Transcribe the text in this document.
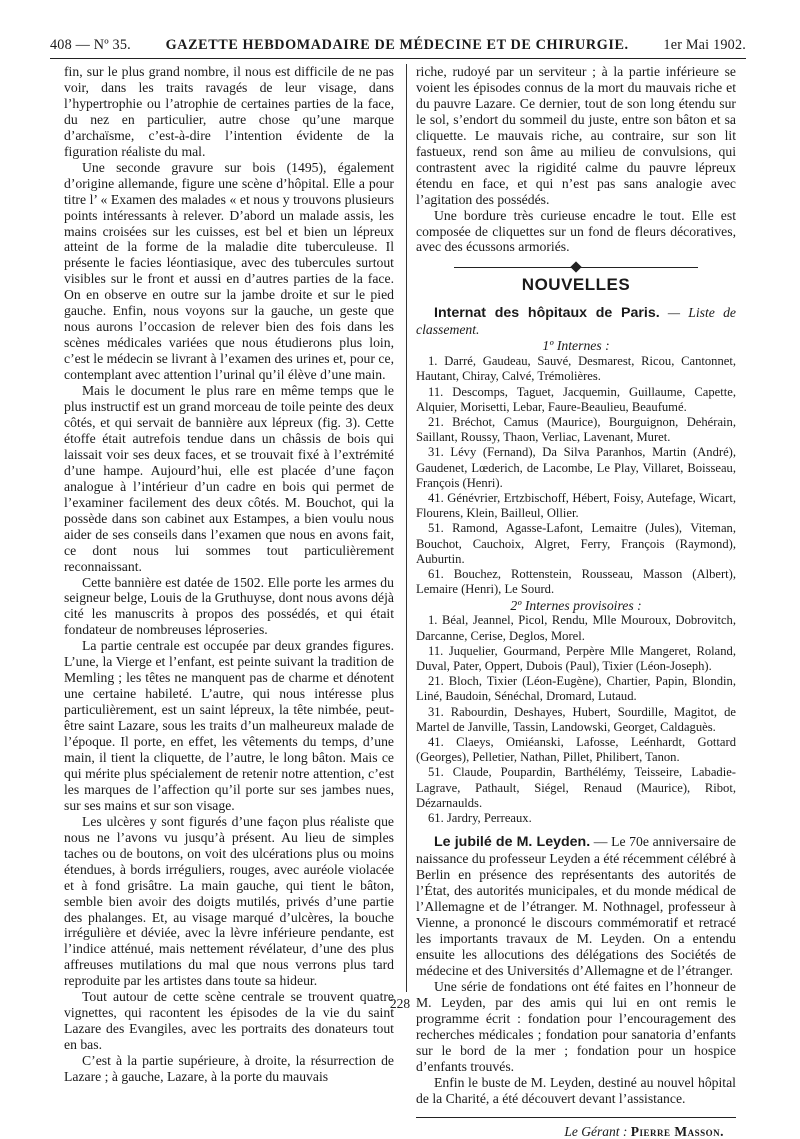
408 — Nº 35. GAZETTE HEBDOMADAIRE DE MÉDECINE ET DE CHIRURGIE. 1er Mai 1902.

fin, sur le plus grand nombre, il nous est difficile de ne pas voir, dans les traits ravagés de leur visage, dans l’hypertrophie ou l’atrophie de certaines parties de la face, du nez en particulier, autre chose qu’une marque d’archaïsme, c’est-à-dire l’intention évidente de la figuration réaliste du mal.

Une seconde gravure sur bois (1495), également d’origine allemande, figure une scène d’hôpital. Elle a pour titre l’ « Examen des malades « et nous y trouvons plusieurs points intéressants à relever. D’abord un malade assis, les mains croisées sur les cuisses, est bel et bien un lépreux atteint de la forme de la maladie dite tuberculeuse. Il présente le facies léontiasique, avec des tubercules surtout visibles sur le front et aussi en d’autres parties de la face. On en observe en outre sur la jambe droite et sur le pied gauche. Enfin, nous voyons sur la gauche, un geste que nous aurons l’occasion de relever bien des fois dans les scènes médicales variées que nous étudierons plus loin, c’est le médecin se livrant à l’examen des urines et, pour ce, contemplant avec attention l’urinal qu’il élève d’une main.

Mais le document le plus rare en même temps que le plus instructif est un grand morceau de toile peinte des deux côtés, et qui servait de bannière aux lépreux (fig. 3). Cette étoffe était autrefois tendue dans un châssis de bois qui laissait voir ses deux faces, et se trouvait fixé à l’extrémité d’une hampe. Aujourd’hui, elle est placée d’une façon analogue à l’intérieur d’un cadre en bois qui permet de l’examiner facilement des deux côtés. M. Bouchot, qui la possède dans son cabinet aux Estampes, a bien voulu nous aider de ses conseils dans l’examen que nous en avons fait, ce dont nous lui sommes tout particulièrement reconnaissant.

Cette bannière est datée de 1502. Elle porte les armes du seigneur belge, Louis de la Gruthuyse, dont nous avons déjà cité les manuscrits à propos des possédés, et qui était fondateur de nombreuses léproseries.

La partie centrale est occupée par deux grandes figures. L’une, la Vierge et l’enfant, est peinte suivant la tradition de Memling ; les têtes ne manquent pas de charme et dénotent une certaine habileté. L’autre, qui nous intéresse plus particulièrement, est un saint lépreux, la tête nimbée, peut-être saint Lazare, sous les traits d’un malheureux malade de l’époque. Il porte, en effet, les vêtements du temps, d’une main, il tient la cliquette, de l’autre, le long bâton. Mais ce qui mérite plus spécialement de retenir notre attention, c’est les marques de l’affection qu’il porte sur ses jambes nues, sur ses mains et sur son visage.

Les ulcères y sont figurés d’une façon plus réaliste que nous ne l’avons vu jusqu’à présent. Au lieu de simples taches ou de boutons, on voit des ulcérations plus ou moins étendues, à bords irréguliers, rouges, avec auréole violacée et à fond grisâtre. La main gauche, qui tient le bâton, semble bien avoir des doigts mutilés, privés d’une partie des phalanges. Et, au visage marqué d’ulcères, la bouche irrégulière et déviée, avec la lèvre inférieure pendante, est l’indice atténué, mais nettement révélateur, d’une des plus affreuses mutilations du mal que nous verrons plus tard reproduite par les artistes dans toute sa hideur.

Tout autour de cette scène centrale se trouvent quatre vignettes, qui racontent les épisodes de la vie du saint Lazare des Evangiles, avec les portraits des donateurs tout en bas.

C’est à la partie supérieure, à droite, la résurrection de Lazare ; à gauche, Lazare, à la porte du mauvais

riche, rudoyé par un serviteur ; à la partie inférieure se voient les épisodes connus de la mort du mauvais riche et du pauvre Lazare. Ce dernier, tout de son long étendu sur le sol, s’endort du sommeil du juste, entre son bâton et sa cliquette. Le mauvais riche, au contraire, sur son lit fastueux, rend son âme au milieu de convulsions, qui contrastent avec la rigidité calme du pauvre lépreux étendu en face, et qui n’est pas sans analogie avec l’agitation des possédés.

Une bordure très curieuse encadre le tout. Elle est composée de cliquettes sur un fond de fleurs décoratives, avec des écussons armoriés.

NOUVELLES

Internat des hôpitaux de Paris. — Liste de classement.

1º Internes :

1. Darré, Gaudeau, Sauvé, Desmarest, Ricou, Cantonnet, Hautant, Chiray, Calvé, Trémolières.

11. Descomps, Taguet, Jacquemin, Guillaume, Capette, Alquier, Morisetti, Lebar, Faure-Beaulieu, Beaufumé.

21. Bréchot, Camus (Maurice), Bourguignon, Dehérain, Saillant, Roussy, Thaon, Verliac, Lavenant, Muret.

31. Lévy (Fernand), Da Silva Paranhos, Martin (André), Gaudenet, Lœderich, de Lacombe, Le Play, Villaret, Boisseau, François (Henri).

41. Génévrier, Ertzbischoff, Hébert, Foisy, Autefage, Wicart, Flourens, Klein, Bailleul, Ollier.

51. Ramond, Agasse-Lafont, Lemaitre (Jules), Viteman, Bouchot, Cauchoix, Algret, Ferry, François (Raymond), Auburtin.

61. Bouchez, Rottenstein, Rousseau, Masson (Albert), Lemaire (Henri), Le Sourd.

2º Internes provisoires :

1. Béal, Jeannel, Picol, Rendu, Mlle Mouroux, Dobrovitch, Darcanne, Cerise, Deglos, Morel.

11. Juquelier, Gourmand, Perpère Mlle Mangeret, Roland, Duval, Pater, Oppert, Dubois (Paul), Tixier (Léon-Joseph).

21. Bloch, Tixier (Léon-Eugène), Chartier, Papin, Blondin, Liné, Baudoin, Sénéchal, Dromard, Lutaud.

31. Rabourdin, Deshayes, Hubert, Sourdille, Magitot, de Martel de Janville, Tassin, Landowski, Georget, Caldaguès.

41. Claeys, Omiéanski, Lafosse, Leénhardt, Gottard (Georges), Pelletier, Nathan, Pillet, Philibert, Tanon.

51. Claude, Poupardin, Barthélémy, Teisseire, Labadie-Lagrave, Pathault, Siégel, Renaud (Maurice), Ribot, Dézarnaulds.

61. Jardry, Perreaux.

Le jubilé de M. Leyden. — Le 70e anniversaire de naissance du professeur Leyden a été récemment célébré à Berlin en présence des représentants des autorités de l’État, des autorités municipales, et du monde médical de l’Allemagne et de l’étranger. M. Nothnagel, professeur à Vienne, a prononcé le discours commémoratif et retracé les importants travaux de M. Leyden. On a entendu ensuite les allocutions des délégations des Sociétés de médecine et des Universités d’Allemagne et de l’étranger.

Une série de fondations ont été faites en l’honneur de M. Leyden, par des amis qui lui en ont remis le programme écrit : fondation pour l’encouragement des recherches médicales ; fondation pour sanatoria d’enfants sur le bord de la mer ; fondation pour un hospice d’enfants trouvés.

Enfin le buste de M. Leyden, destiné au nouvel hôpital de la Charité, a été découvert devant l’assistance.

Le Gérant : Pierre Masson.
228
